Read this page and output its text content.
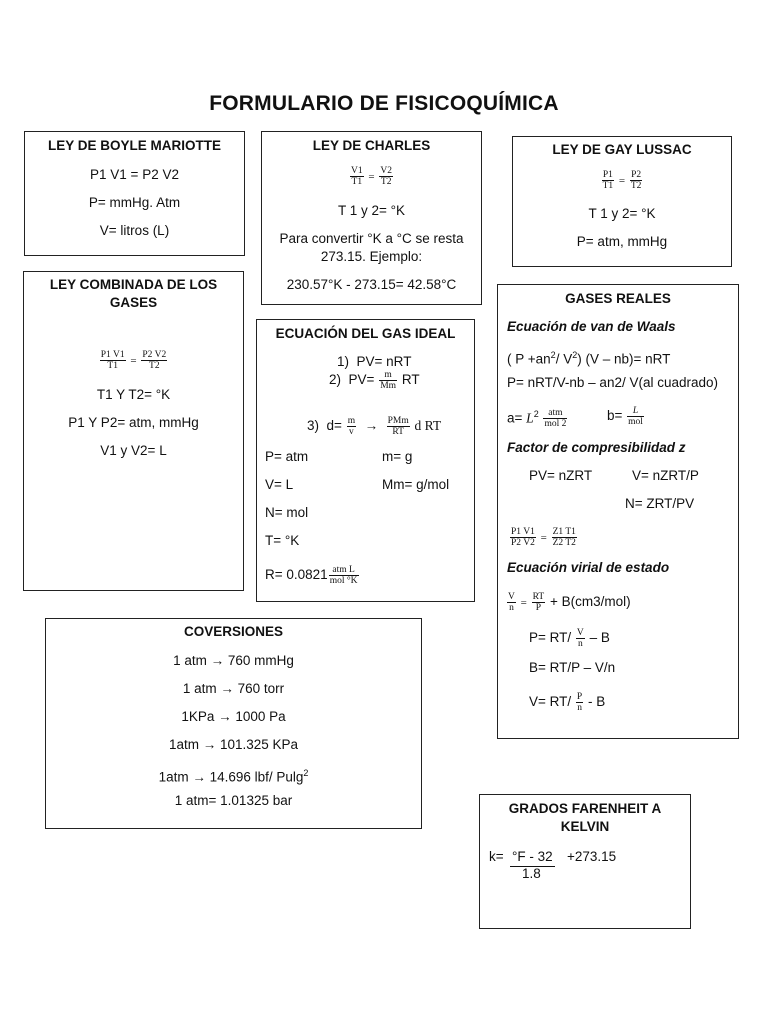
FORMULARIO DE FISICOQUÍMICA
LEY DE BOYLE MARIOTTE
P1 V1 = P2 V2
P= mmHg. Atm
V= litros (L)
LEY DE CHARLES
$\frac{V1}{T1} = \frac{V2}{T2}$
T 1 y 2= °K
Para convertir °K a °C se resta
273.15. Ejemplo:
230.57°K - 273.15= 42.58°C
LEY DE GAY LUSSAC
$\frac{P1}{T1} = \frac{P2}{T2}$
T 1 y 2= °K
P= atm, mmHg
LEY COMBINADA DE LOS
GASES
$\frac{P1 V1}{T1} = \frac{P2 V2}{T2}$
T1 Y T2= °K
P1 Y P2= atm, mmHg
V1 y V2= L
ECUACIÓN DEL GAS IDEAL
1) PV= nRT
2) $PV= \frac{m}{Mm}$ RT
3) $d= \frac{m}{v} \to \frac{\text{PMm}}{RT}$ d RT
P= atm	m= g
V= L	Mm= g/mol
N= mol
T= °K
$R= 0.0821 \frac{\text{atm L}}{\text{mol °K}}$
GASES REALES
Ecuación de van de Waals
( $P +an^2/$ $V^2$) (V – nb)= nRT
P= nRT/V-nb – an2/ V(al cuadrado)
$a= L^2 \frac{\text{atm}}{\text{mol 2}}$	$b= \frac{L}{\text{mol}}$
Factor de compresibilidad z
PV= nZRT	V= nZRT/P
N= ZRT/PV
$\frac{P1 V1}{P2 V2} = \frac{Z1 T1}{Z2 T2}$
Ecuación virial de estado
$\frac{V}{n} = \frac{RT}{P} + B(cm3/mol)$
$P= RT/ \frac{V}{n} - B$
B= RT/P – V/n
$V= RT/ \frac{P}{n} - B$
COVERSIONES
1 atm → 760 mmHg
1 atm → 760 torr
1KPa → 1000 Pa
1atm → 101.325 KPa
1atm → 14.696 lbf/ Pulg$^2$
1 atm= 1.01325 bar
GRADOS FARENHEIT A
KELVIN
k= °F - 32 +273.15
1.8
